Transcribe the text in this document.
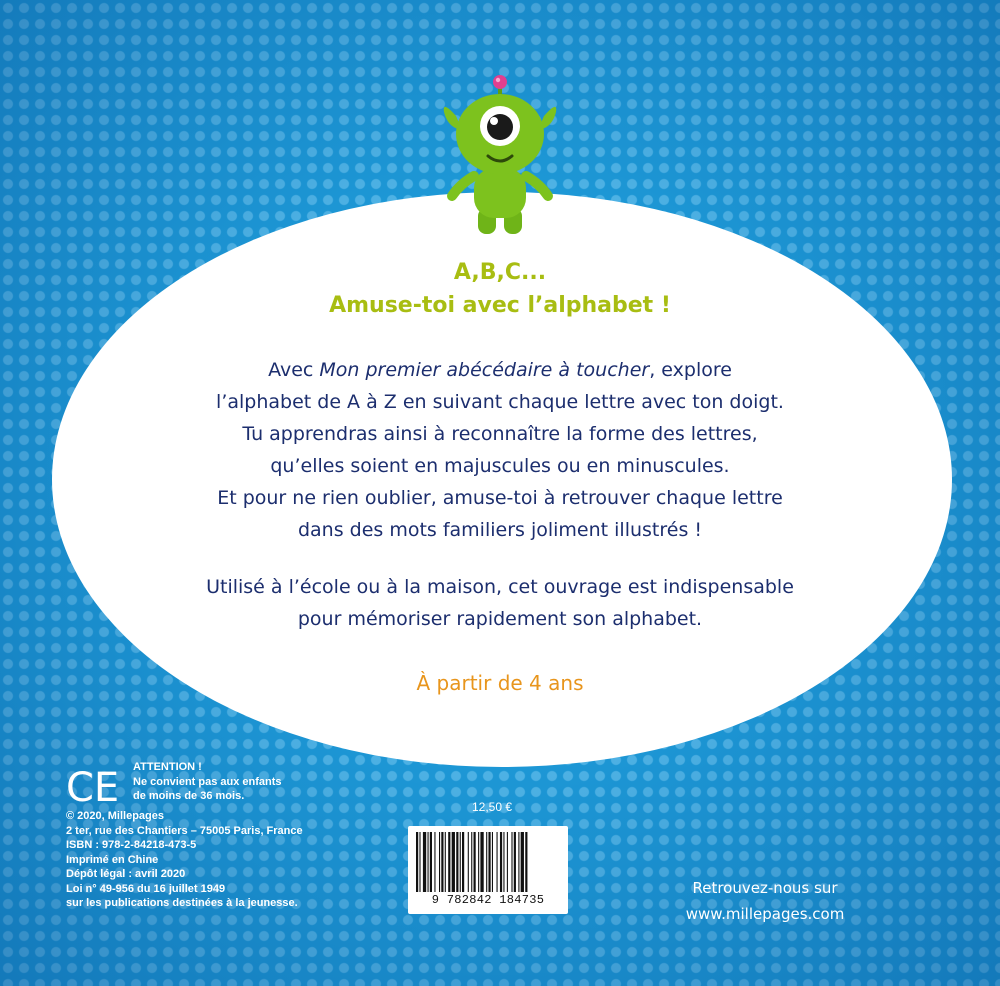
A,B,C...
Amuse-toi avec l’alphabet !

Avec Mon premier abécédaire à toucher, explore

l’alphabet de A à Z en suivant chaque lettre avec ton doigt.

Tu apprendras ainsi à reconnaître la forme des lettres,

qu’elles soient en majuscules ou en minuscules.

Et pour ne rien oublier, amuse-toi à retrouver chaque lettre

dans des mots familiers joliment illustrés !

Utilisé à l’école ou à la maison, cet ouvrage est indispensable

pour mémoriser rapidement son alphabet.

À partir de 4 ans
CE ATTENTION !
Ne convient pas aux enfants
de moins de 36 mois.
© 2020, Millepages
2 ter, rue des Chantiers – 75005 Paris, France
ISBN : 978-2-84218-473-5
Imprimé en Chine
Dépôt légal : avril 2020
Loi n° 49-956 du 16 juillet 1949
sur les publications destinées à la jeunesse.
12,50 €
9 782842 184735
Retrouvez-nous sur
www.millepages.com
